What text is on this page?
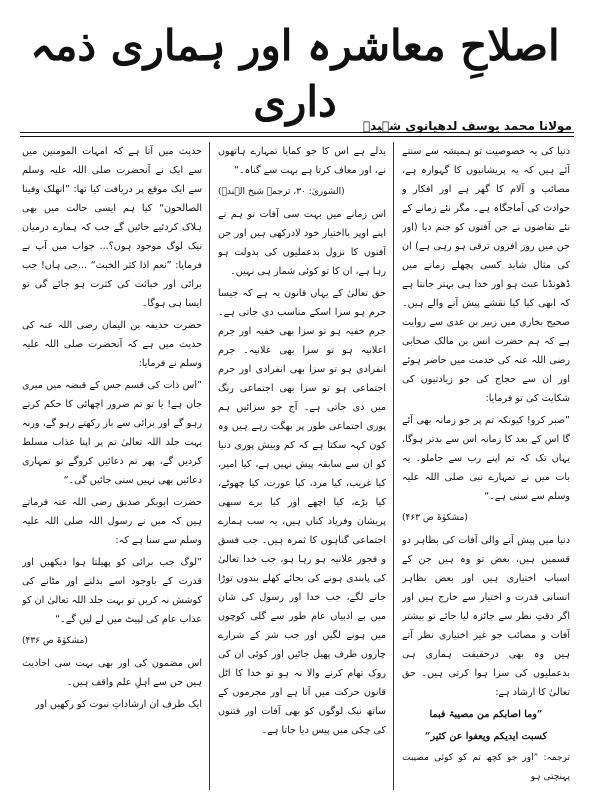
اصلاحِ معاشرہ اور ہماری ذمہ داری	مولانا محمد یوسف لدھیانوی شہیدؒ

دنیا کی یہ خصوصیت تو ہمیشہ سے سنتے آئے ہیں کہ یہ پریشانیوں کا گہوارہ ہے، مصائب و آلام کا گھر ہے اور افکار و حوادث کی آماجگاہ ہے۔ مگر نئے زمانے کے نئے تقاضوں نے جن آفتوں کو جنم دیا (اور جن میں روز افزوں ترقی ہو رہی ہے) ان کی مثال شاید کسی پچھلے زمانے میں ڈھونڈنا عبث ہو اور خدا ہی بہتر جانتا ہے کہ ابھی کیا کیا نقشے پیش آنے والے ہیں۔ صحیح بخاری میں زبیر بن عدی سے روایت ہے کہ ہم حضرت انس بن مالک صحابی رضی اللہ عنہ کی خدمت میں حاضر ہوئے اور ان سے حجاج کی جو زیادتیوں کی شکایت کی تو فرمایا:

”صبر کرو! کیونکہ تم پر جو زمانہ بھی آئے گا اس کے بعد کا زمانہ اس سے بدتر ہوگا، یہاں تک کہ تم اپنے رب سے جاملو۔ یہ بات میں نے تمہارے نبی صلی اللہ علیہ وسلم سے سنی ہے۔“

(مشکوٰۃ ص ۴۶۳)

دنیا میں پیش آنے والی آفات کی بظاہر دو قسمیں ہیں، بعض تو وہ ہیں جن کے اسباب اختیاری ہیں اور بعض بظاہر انسانی قدرت و اختیار سے خارج ہیں اور اگر دقتِ نظر سے جائزہ لیا جائے تو بیشتر آفات و مصائب جو غیر اختیاری نظر آتے ہیں وہ بھی درحقیقت ہماری ہی بدعملیوں کی سزا ہوا کرتی ہیں۔ حق تعالیٰ کا ارشاد ہے:

”وما اصابکم من مصیبۃ فبما

کسبت ایدیکم ویعفوا عن کثیر“

ترجمہ: ”اور جو کچھ تم کو کوئی مصیبت پہنچتی ہو

بدلے ہے اس کا جو کمایا تمہارے ہاتھوں نے، اور معاف کرتا ہے بہت سے گناہ۔“

(الشوریٰ: ۳۰، ترجمہ شیخ الہندؒ)

اس زمانے میں بہت سی آفات تو ہم نے اپنے اوپر بااختیار خود لادرکھی ہیں اور جن آفتوں کا نزول بدعملیوں کی بدولت ہو رہا ہے، ان کا تو کوئی شمار ہی نہیں۔

حق تعالیٰ کے یہاں قانون یہ ہے کہ جیسا جرم ہو سزا اسکے مناسب دی جاتی ہے۔ جرم خفیہ ہو تو سزا بھی خفیہ اور جرم اعلانیہ ہو تو سزا بھی علانیہ۔ جرم انفرادی ہو تو سزا بھی انفرادی اور جرم اجتماعی ہو تو سزا بھی اجتماعی رنگ میں دی جاتی ہے۔ آج جو سزائیں ہم پوری اجتماعی طور پر بھگت رہے ہیں وہ کون کہہ سکتا ہے کہ کم وبیش پوری دنیا کو ان سے سابقہ پیش نہیں ہے، کیا امیر، کیا غریب، کیا مرد، کیا عورت، کیا چھوٹے، کیا بڑے، کیا اچھے اور کیا برے سبھی پریشان وفریاد کناں ہیں، یہ سب ہمارے اجتماعی گناہوں کا ثمرہ ہیں۔ جب فسق و فجور علانیہ ہو رہا ہو، جب خدا تعالیٰ کی پابندی ہونے کی بجائے کھلے بندوں توڑا جانے لگے، جب خدا اور رسول کی شان میں بے ادبیاں عام طور سے گلی کوچوں میں ہونے لگیں اور جب شر کے شرارے چاروں طرف پھیل جائیں اور کوئی ان کی روک تھام کرنے والا نہ ہو تو خدا کا اٹل قانون حرکت میں آتا ہے اور مجرموں کے ساتھ نیک لوگوں کو بھی آفات اور فتنوں کی چکی میں پیس دیا جاتا ہے۔

حدیث میں آتا ہے کہ امہات المومنین میں سے ایک نے آنحضرت صلی اللہ علیہ وسلم سے ایک موقع پر دریافت کیا تھا: ”انھلک وفینا الصالحون“ کیا ہم ایسی حالت میں بھی ہلاک کردئیے جائیں گے جب کہ ہمارے درمیان نیک لوگ موجود ہوں؟... جواب میں آپ نے فرمایا: ”نعم اذا کثر الخبث“ ...جی ہاں! جب برائی اور خباثت کی کثرت ہو جائے گی تو ایسا ہی ہوگا۔

حضرت حذیفہ بن الیمان رضی اللہ عنہ کی حدیث میں ہے کہ آنحضرت صلی اللہ علیہ وسلم نے فرمایا:

”اس ذات کی قسم جس کے قبضہ میں میری جان ہے! یا تو تم ضرور اچھائی کا حکم کرتے رہو گے اور برائی سے باز رکھتے رہو گے، ورنہ بہت جلد اللہ تعالیٰ تم پر اپنا عذاب مسلط کردیں گے، پھر تم دعائیں کروگے تو تمہاری دعائیں بھی نہیں سنی جائیں گی۔“

حضرت ابوبکر صدیق رضی اللہ عنہ فرماتے ہیں کہ میں نے رسول اللہ صلی اللہ علیہ وسلم سے سنا ہے کہ:

”لوگ جب برائی کو پھیلتا ہوا دیکھیں اور قدرت کے باوجود اسے بدلنے اور مٹانے کی کوشش نہ کریں تو بہت جلد اللہ تعالیٰ ان کو عذاب عام کی لپیٹ میں لے لیں گے۔“

(مشکوٰۃ ص ۴۳۶)

اس مضمون کی اور بھی بہت سی احادیث ہیں جن سے اہلِ علم واقف ہیں۔

ایک طرف ان ارشاداتِ نبوت کو رکھیں اور
